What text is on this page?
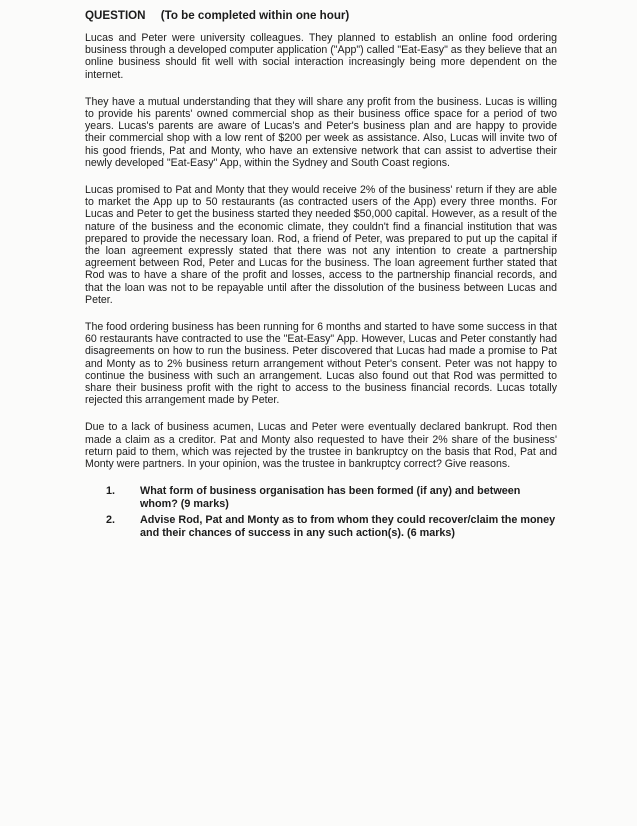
QUESTION (To be completed within one hour)

Lucas and Peter were university colleagues. They planned to establish an online food ordering business through a developed computer application ("App") called "Eat-Easy" as they believe that an online business should fit well with social interaction increasingly being more dependent on the internet.

They have a mutual understanding that they will share any profit from the business. Lucas is willing to provide his parents' owned commercial shop as their business office space for a period of two years. Lucas's parents are aware of Lucas's and Peter's business plan and are happy to provide their commercial shop with a low rent of $200 per week as assistance. Also, Lucas will invite two of his good friends, Pat and Monty, who have an extensive network that can assist to advertise their newly developed "Eat-Easy" App, within the Sydney and South Coast regions.

Lucas promised to Pat and Monty that they would receive 2% of the business' return if they are able to market the App up to 50 restaurants (as contracted users of the App) every three months. For Lucas and Peter to get the business started they needed $50,000 capital. However, as a result of the nature of the business and the economic climate, they couldn't find a financial institution that was prepared to provide the necessary loan. Rod, a friend of Peter, was prepared to put up the capital if the loan agreement expressly stated that there was not any intention to create a partnership agreement between Rod, Peter and Lucas for the business. The loan agreement further stated that Rod was to have a share of the profit and losses, access to the partnership financial records, and that the loan was not to be repayable until after the dissolution of the business between Lucas and Peter.

The food ordering business has been running for 6 months and started to have some success in that 60 restaurants have contracted to use the "Eat-Easy" App. However, Lucas and Peter constantly had disagreements on how to run the business. Peter discovered that Lucas had made a promise to Pat and Monty as to 2% business return arrangement without Peter's consent. Peter was not happy to continue the business with such an arrangement. Lucas also found out that Rod was permitted to share their business profit with the right to access to the business financial records. Lucas totally rejected this arrangement made by Peter.

Due to a lack of business acumen, Lucas and Peter were eventually declared bankrupt. Rod then made a claim as a creditor. Pat and Monty also requested to have their 2% share of the business' return paid to them, which was rejected by the trustee in bankruptcy on the basis that Rod, Pat and Monty were partners. In your opinion, was the trustee in bankruptcy correct? Give reasons.

1.	What form of business organisation has been formed (if any) and between whom? (9 marks)
2.	Advise Rod, Pat and Monty as to from whom they could recover/claim the money and their chances of success in any such action(s). (6 marks)
